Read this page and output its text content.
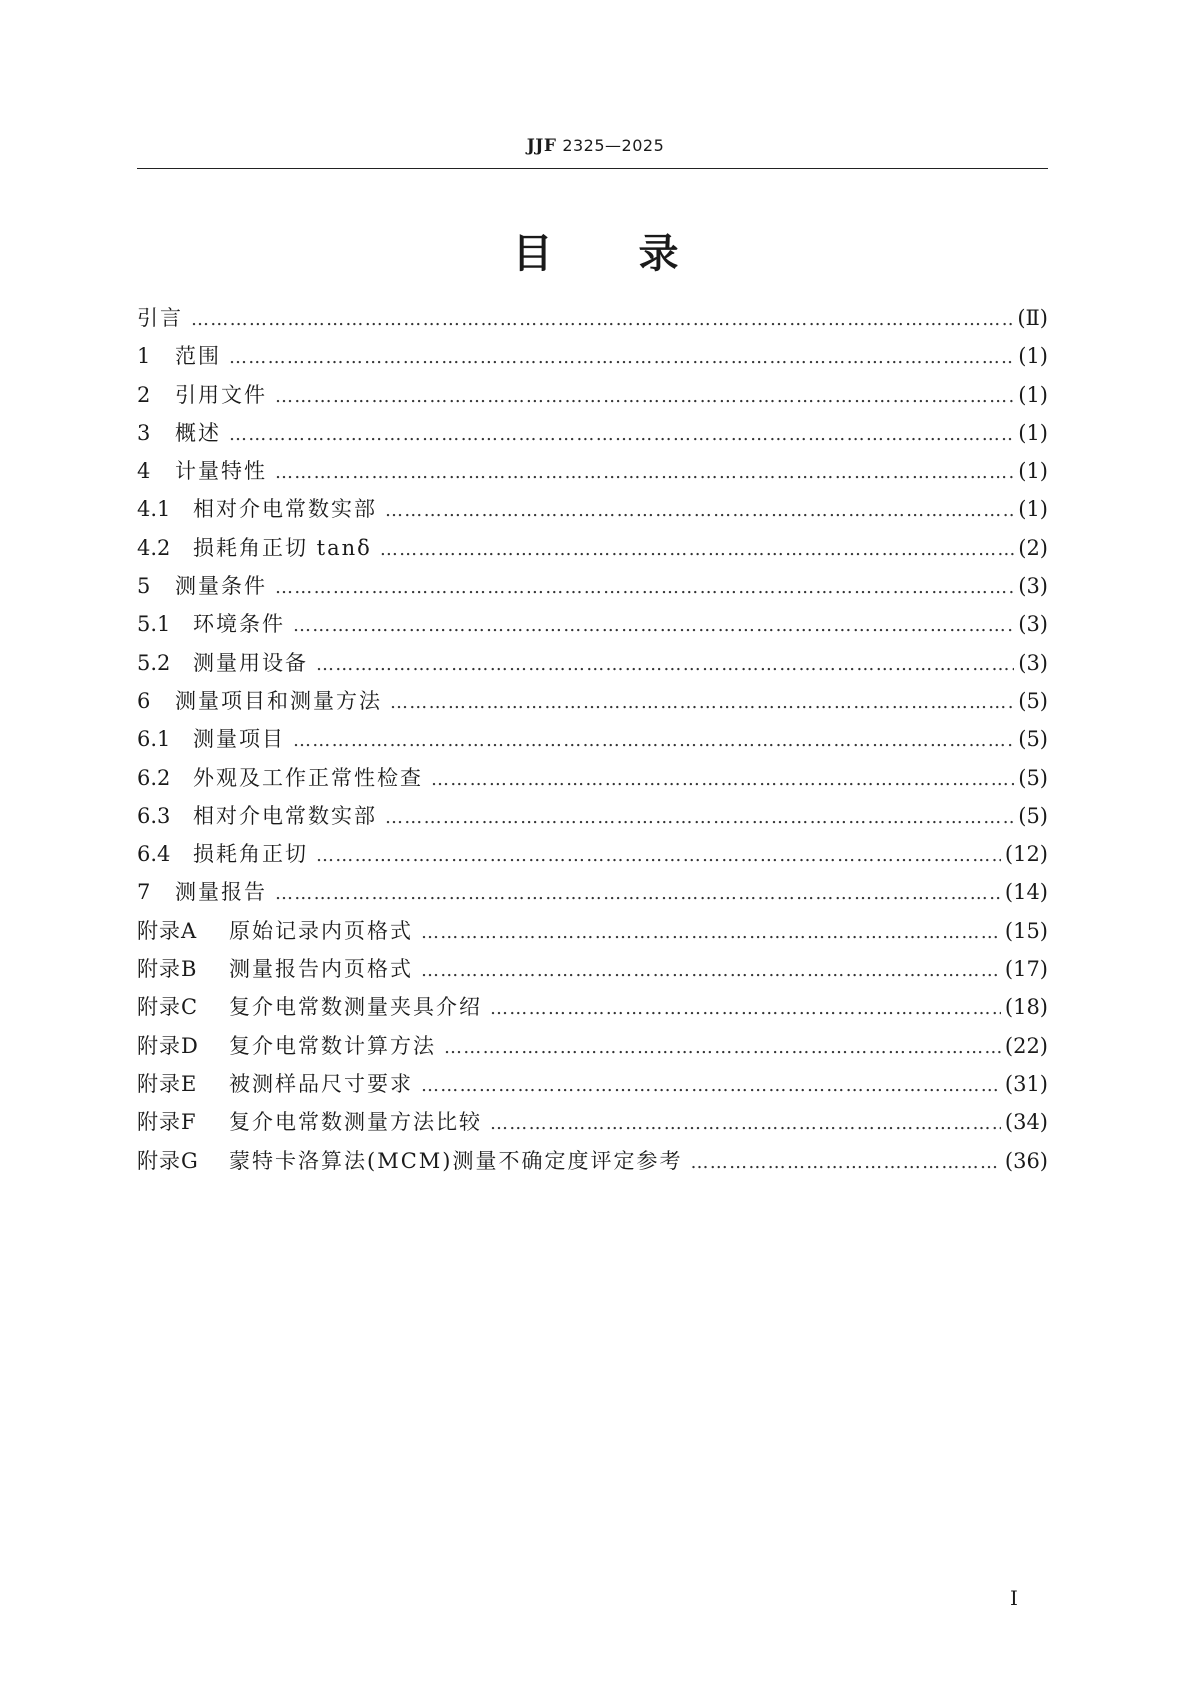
JJF 2325—2025
目录
引言 ………………………………………………………………………………………………………………………………………………………………………………………………………………………………	(Ⅱ)
1	范围 ………………………………………………………………………………………………………………………………………………………………………………………………………………………………	(1)
2	引用文件 ………………………………………………………………………………………………………………………………………………………………………………………………………………………………	(1)
3	概述 ………………………………………………………………………………………………………………………………………………………………………………………………………………………………	(1)
4	计量特性 ………………………………………………………………………………………………………………………………………………………………………………………………………………………………	(1)
4.1	相对介电常数实部 ………………………………………………………………………………………………………………………………………………………………………………………………………………………………	(1)
4.2	损耗角正切 tanδ ………………………………………………………………………………………………………………………………………………………………………………………………………………………………	(2)
5	测量条件 ………………………………………………………………………………………………………………………………………………………………………………………………………………………………	(3)
5.1	环境条件 ………………………………………………………………………………………………………………………………………………………………………………………………………………………………	(3)
5.2	测量用设备 ………………………………………………………………………………………………………………………………………………………………………………………………………………………………	(3)
6	测量项目和测量方法 ………………………………………………………………………………………………………………………………………………………………………………………………………………………………	(5)
6.1	测量项目 ………………………………………………………………………………………………………………………………………………………………………………………………………………………………	(5)
6.2	外观及工作正常性检查 ………………………………………………………………………………………………………………………………………………………………………………………………………………………………	(5)
6.3	相对介电常数实部 ………………………………………………………………………………………………………………………………………………………………………………………………………………………………	(5)
6.4	损耗角正切 ………………………………………………………………………………………………………………………………………………………………………………………………………………………………	(12)
7	测量报告 ………………………………………………………………………………………………………………………………………………………………………………………………………………………………	(14)
附录A	原始记录内页格式 ………………………………………………………………………………………………………………………………………………………………………………………………………………………………	(15)
附录B	测量报告内页格式 ………………………………………………………………………………………………………………………………………………………………………………………………………………………………	(17)
附录C	复介电常数测量夹具介绍 ………………………………………………………………………………………………………………………………………………………………………………………………………………………………	(18)
附录D	复介电常数计算方法 ………………………………………………………………………………………………………………………………………………………………………………………………………………………………	(22)
附录E	被测样品尺寸要求 ………………………………………………………………………………………………………………………………………………………………………………………………………………………………	(31)
附录F	复介电常数测量方法比较 ………………………………………………………………………………………………………………………………………………………………………………………………………………………………	(34)
附录G	蒙特卡洛算法(MCM)测量不确定度评定参考 ………………………………………………………………………………………………………………………………………………………………………………………………………………………………	(36)
I
